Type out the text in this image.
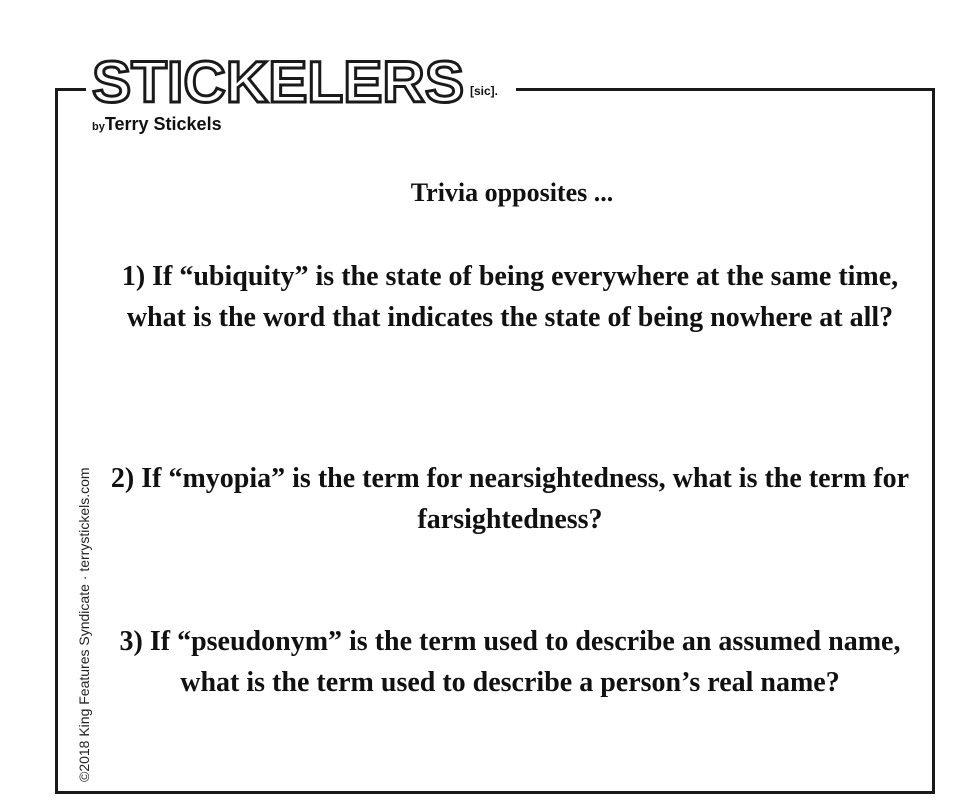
STICKELERS [sic].
byTerry Stickels
Trivia opposites ...
1) If “ubiquity” is the state of being everywhere at the same time, what is the word that indicates the state of being nowhere at all?
2) If “myopia” is the term for nearsightedness, what is the term for farsightedness?
3) If “pseudonym” is the term used to describe an assumed name, what is the term used to describe a person’s real name?
©2018 King Features Syndicate · terrystickels.com
